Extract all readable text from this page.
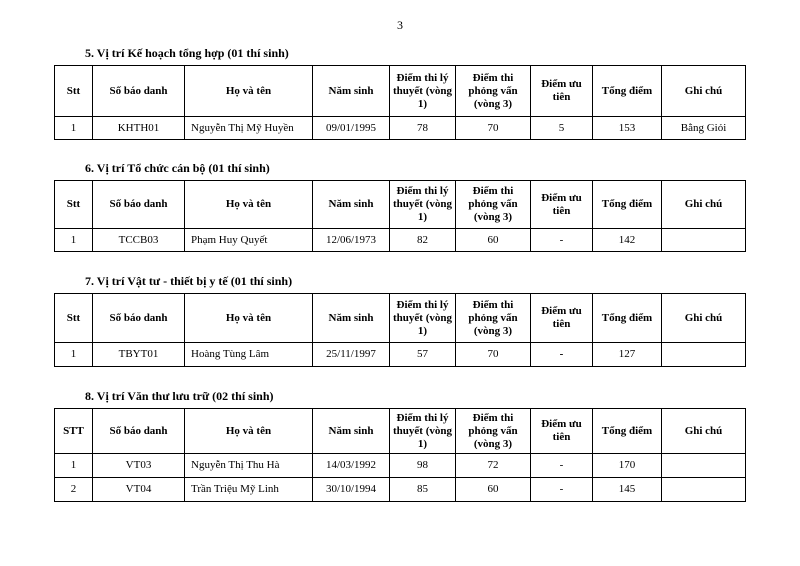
3
5. Vị trí Kế hoạch tổng hợp (01 thí sinh)
Stt	Số báo danh	Họ và tên	Năm sinh	Điểm thi lý thuyết (vòng 1)	Điểm thi phỏng vấn (vòng 3)	Điểm ưu tiên	Tổng điểm	Ghi chú
1	KHTH01	Nguyễn Thị Mỹ Huyền	09/01/1995	78	70	5	153	Bằng Giỏi
6. Vị trí Tổ chức cán bộ (01 thí sinh)
Stt	Số báo danh	Họ và tên	Năm sinh	Điểm thi lý thuyết (vòng 1)	Điểm thi phỏng vấn (vòng 3)	Điểm ưu tiên	Tổng điểm	Ghi chú
1	TCCB03	Phạm Huy Quyết	12/06/1973	82	60	-	142	
7. Vị trí Vật tư - thiết bị y tế (01 thí sinh)
Stt	Số báo danh	Họ và tên	Năm sinh	Điểm thi lý thuyết (vòng 1)	Điểm thi phỏng vấn (vòng 3)	Điểm ưu tiên	Tổng điểm	Ghi chú
1	TBYT01	Hoàng Tùng Lâm	25/11/1997	57	70	-	127	
8. Vị trí Văn thư lưu trữ (02 thí sinh)
STT	Số báo danh	Họ và tên	Năm sinh	Điểm thi lý thuyết (vòng 1)	Điểm thi phỏng vấn (vòng 3)	Điểm ưu tiên	Tổng điểm	Ghi chú
1	VT03	Nguyễn Thị Thu Hà	14/03/1992	98	72	-	170	
2	VT04	Trần Triệu Mỹ Linh	30/10/1994	85	60	-	145	
